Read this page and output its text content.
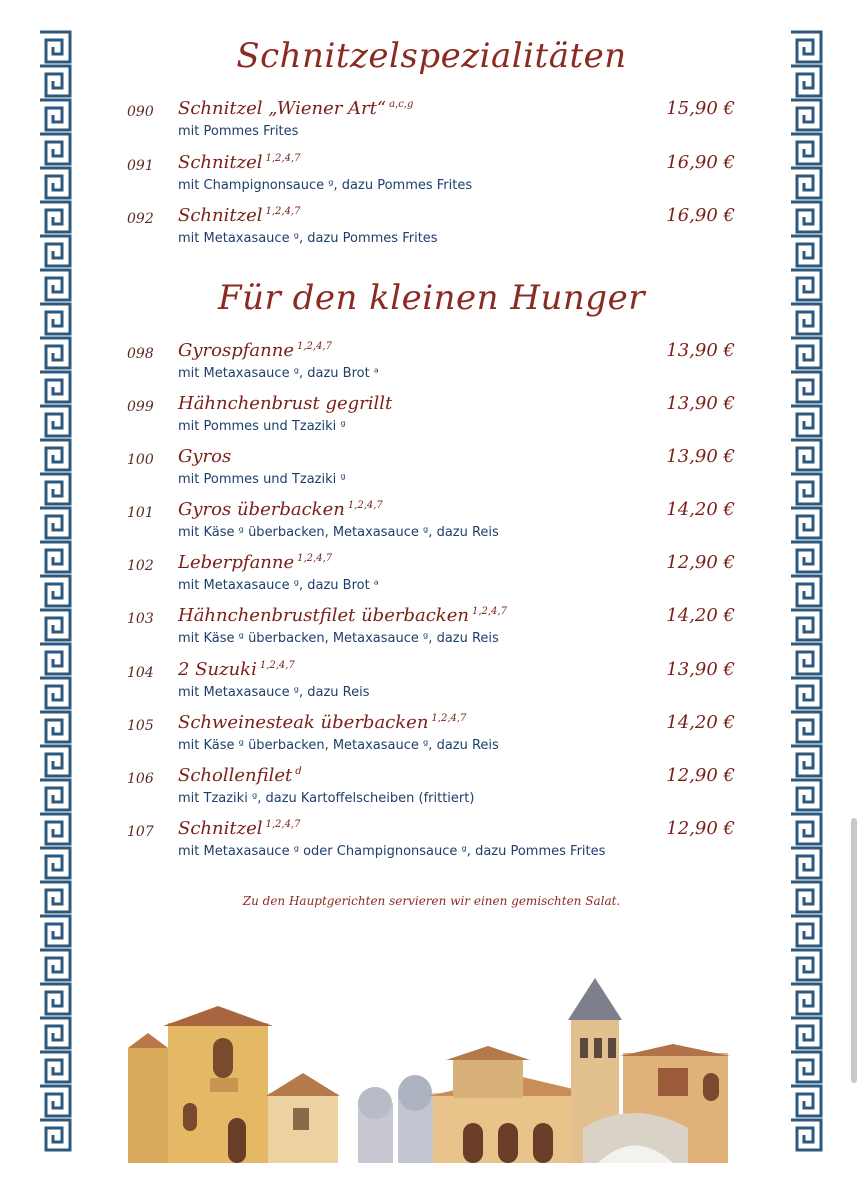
Schnitzelspezialitäten
090 Schnitzel „Wiener Art“ $^{a,c,g}$
mit Pommes Frites
15,90 €
091 Schnitzel $^{1,2,4,7}$
mit Champignonsauce ᵍ, dazu Pommes Frites
16,90 €
092 Schnitzel $^{1,2,4,7}$
mit Metaxasauce ᵍ, dazu Pommes Frites
16,90 €
Für den kleinen Hunger
098 Gyrospfanne $^{1,2,4,7}$
mit Metaxasauce ᵍ, dazu Brot ᵃ
13,90 €
099 Hähnchenbrust gegrillt
mit Pommes und Tzaziki ᵍ
13,90 €
100 Gyros
mit Pommes und Tzaziki ᵍ
13,90 €
101 Gyros überbacken $^{1,2,4,7}$
mit Käse ᵍ überbacken, Metaxasauce ᵍ, dazu Reis
14,20 €
102 Leberpfanne $^{1,2,4,7}$
mit Metaxasauce ᵍ, dazu Brot ᵃ
12,90 €
103 Hähnchenbrustfilet überbacken $^{1,2,4,7}$
mit Käse ᵍ überbacken, Metaxasauce ᵍ, dazu Reis
14,20 €
104 2 Suzuki $^{1,2,4,7}$
mit Metaxasauce ᵍ, dazu Reis
13,90 €
105 Schweinesteak überbacken $^{1,2,4,7}$
mit Käse ᵍ überbacken, Metaxasauce ᵍ, dazu Reis
14,20 €
106 Schollenfilet $^d$
mit Tzaziki ᵍ, dazu Kartoffelscheiben (frittiert)
12,90 €
107 Schnitzel $^{1,2,4,7}$
mit Metaxasauce ᵍ oder Champignonsauce ᵍ, dazu Pommes Frites
12,90 €
Zu den Hauptgerichten servieren wir einen gemischten Salat.
